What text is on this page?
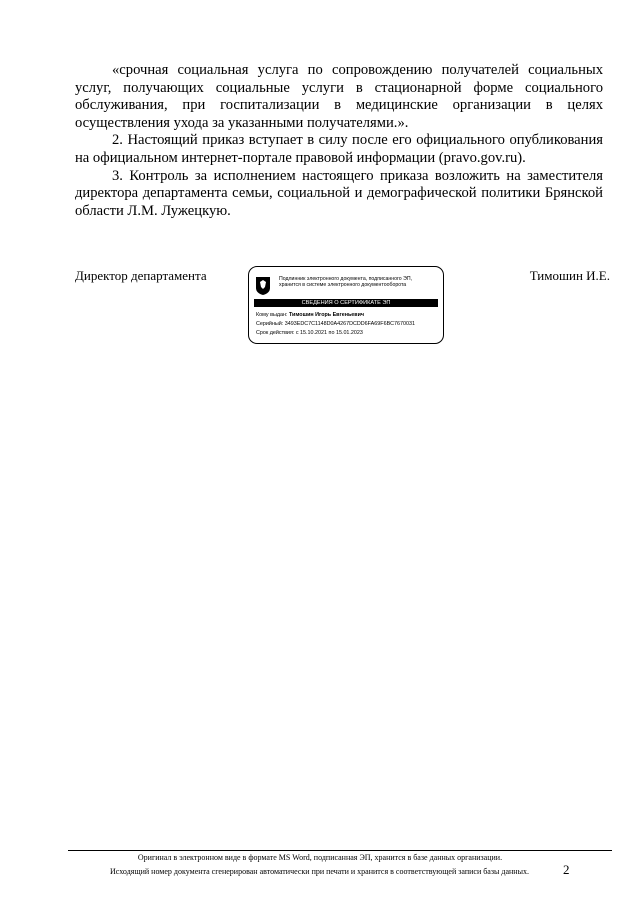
«срочная социальная услуга по сопровождению получателей социальных услуг, получающих социальные услуги в стационарной форме социального обслуживания, при госпитализации в медицинские организации в целях осуществления ухода за указанными получателями.».

2. Настоящий приказ вступает в силу после его официального опубликования на официальном интернет-портале правовой информации (pravo.gov.ru).

3. Контроль за исполнением настоящего приказа возложить на заместителя директора департамента семьи, социальной и демографической политики Брянской области Л.М. Лужецкую.

Директор департамента	Тимошин И.Е.
Подлинник электронного документа, подписанного ЭП,
хранится в системе электронного документооборота
СВЕДЕНИЯ О СЕРТИФИКАТЕ ЭП
Кому выдан: Тимошин Игорь Евгеньевич
Серийный: 3493EDC7C1148D0A4267DCDD6FA69F6BC7670031
Срок действия: с 15.10.2021 по 15.01.2023
Оригинал в электронном виде в формате MS Word, подписанная ЭП, хранится в базе данных организации.
Исходящий номер документа сгенерирован автоматически при печати и хранится в соответствующей записи базы данных.	2
